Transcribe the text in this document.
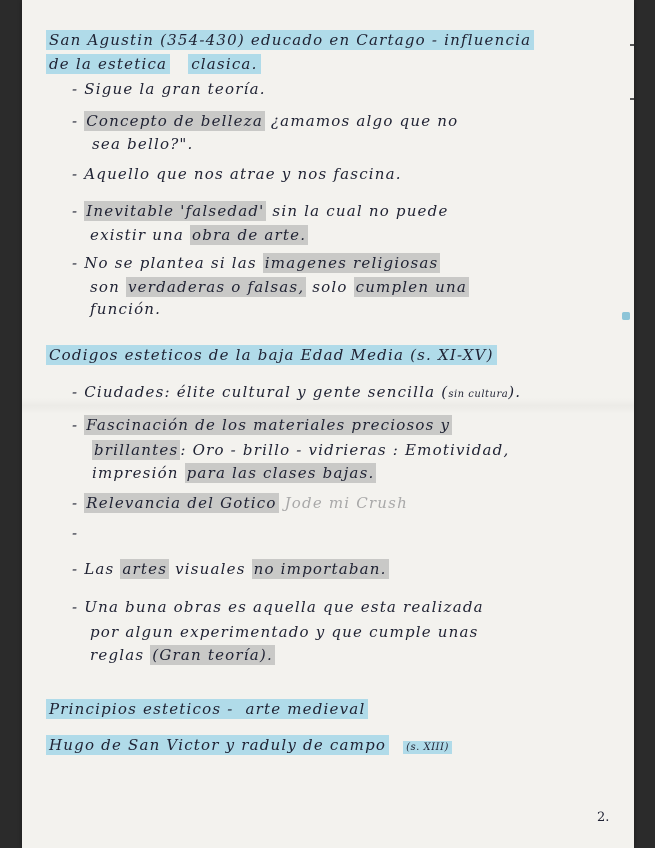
San Agustin (354-430) educado en Cartago - influencia
de la estetica clasica.
- Sigue la gran teoría.
- Concepto de belleza ¿amamos algo que no
sea bello?".
- Aquello que nos atrae y nos fascina.
- Inevitable 'falsedad' sin la cual no puede
existir una obra de arte.
- No se plantea si las imagenes religiosas
son verdaderas o falsas, solo cumplen una
función.
Codigos esteticos de la baja Edad Media (s. XI-XV)
- Ciudades: élite cultural y gente sencilla (sin cultura).
- Fascinación de los materiales preciosos y
brillantes : Oro - brillo - vidrieras : Emotividad,
impresión para las clases bajas.
- Relevancia del Gotico Jode mi Crush
-
- Las artes visuales no importaban.
- Una buna obras es aquella que esta realizada
por algun experimentado y que cumple unas
reglas (Gran teoría).
Principios esteticos - arte medieval
Hugo de San Victor y raduly de campo (s. XIII)
2.
